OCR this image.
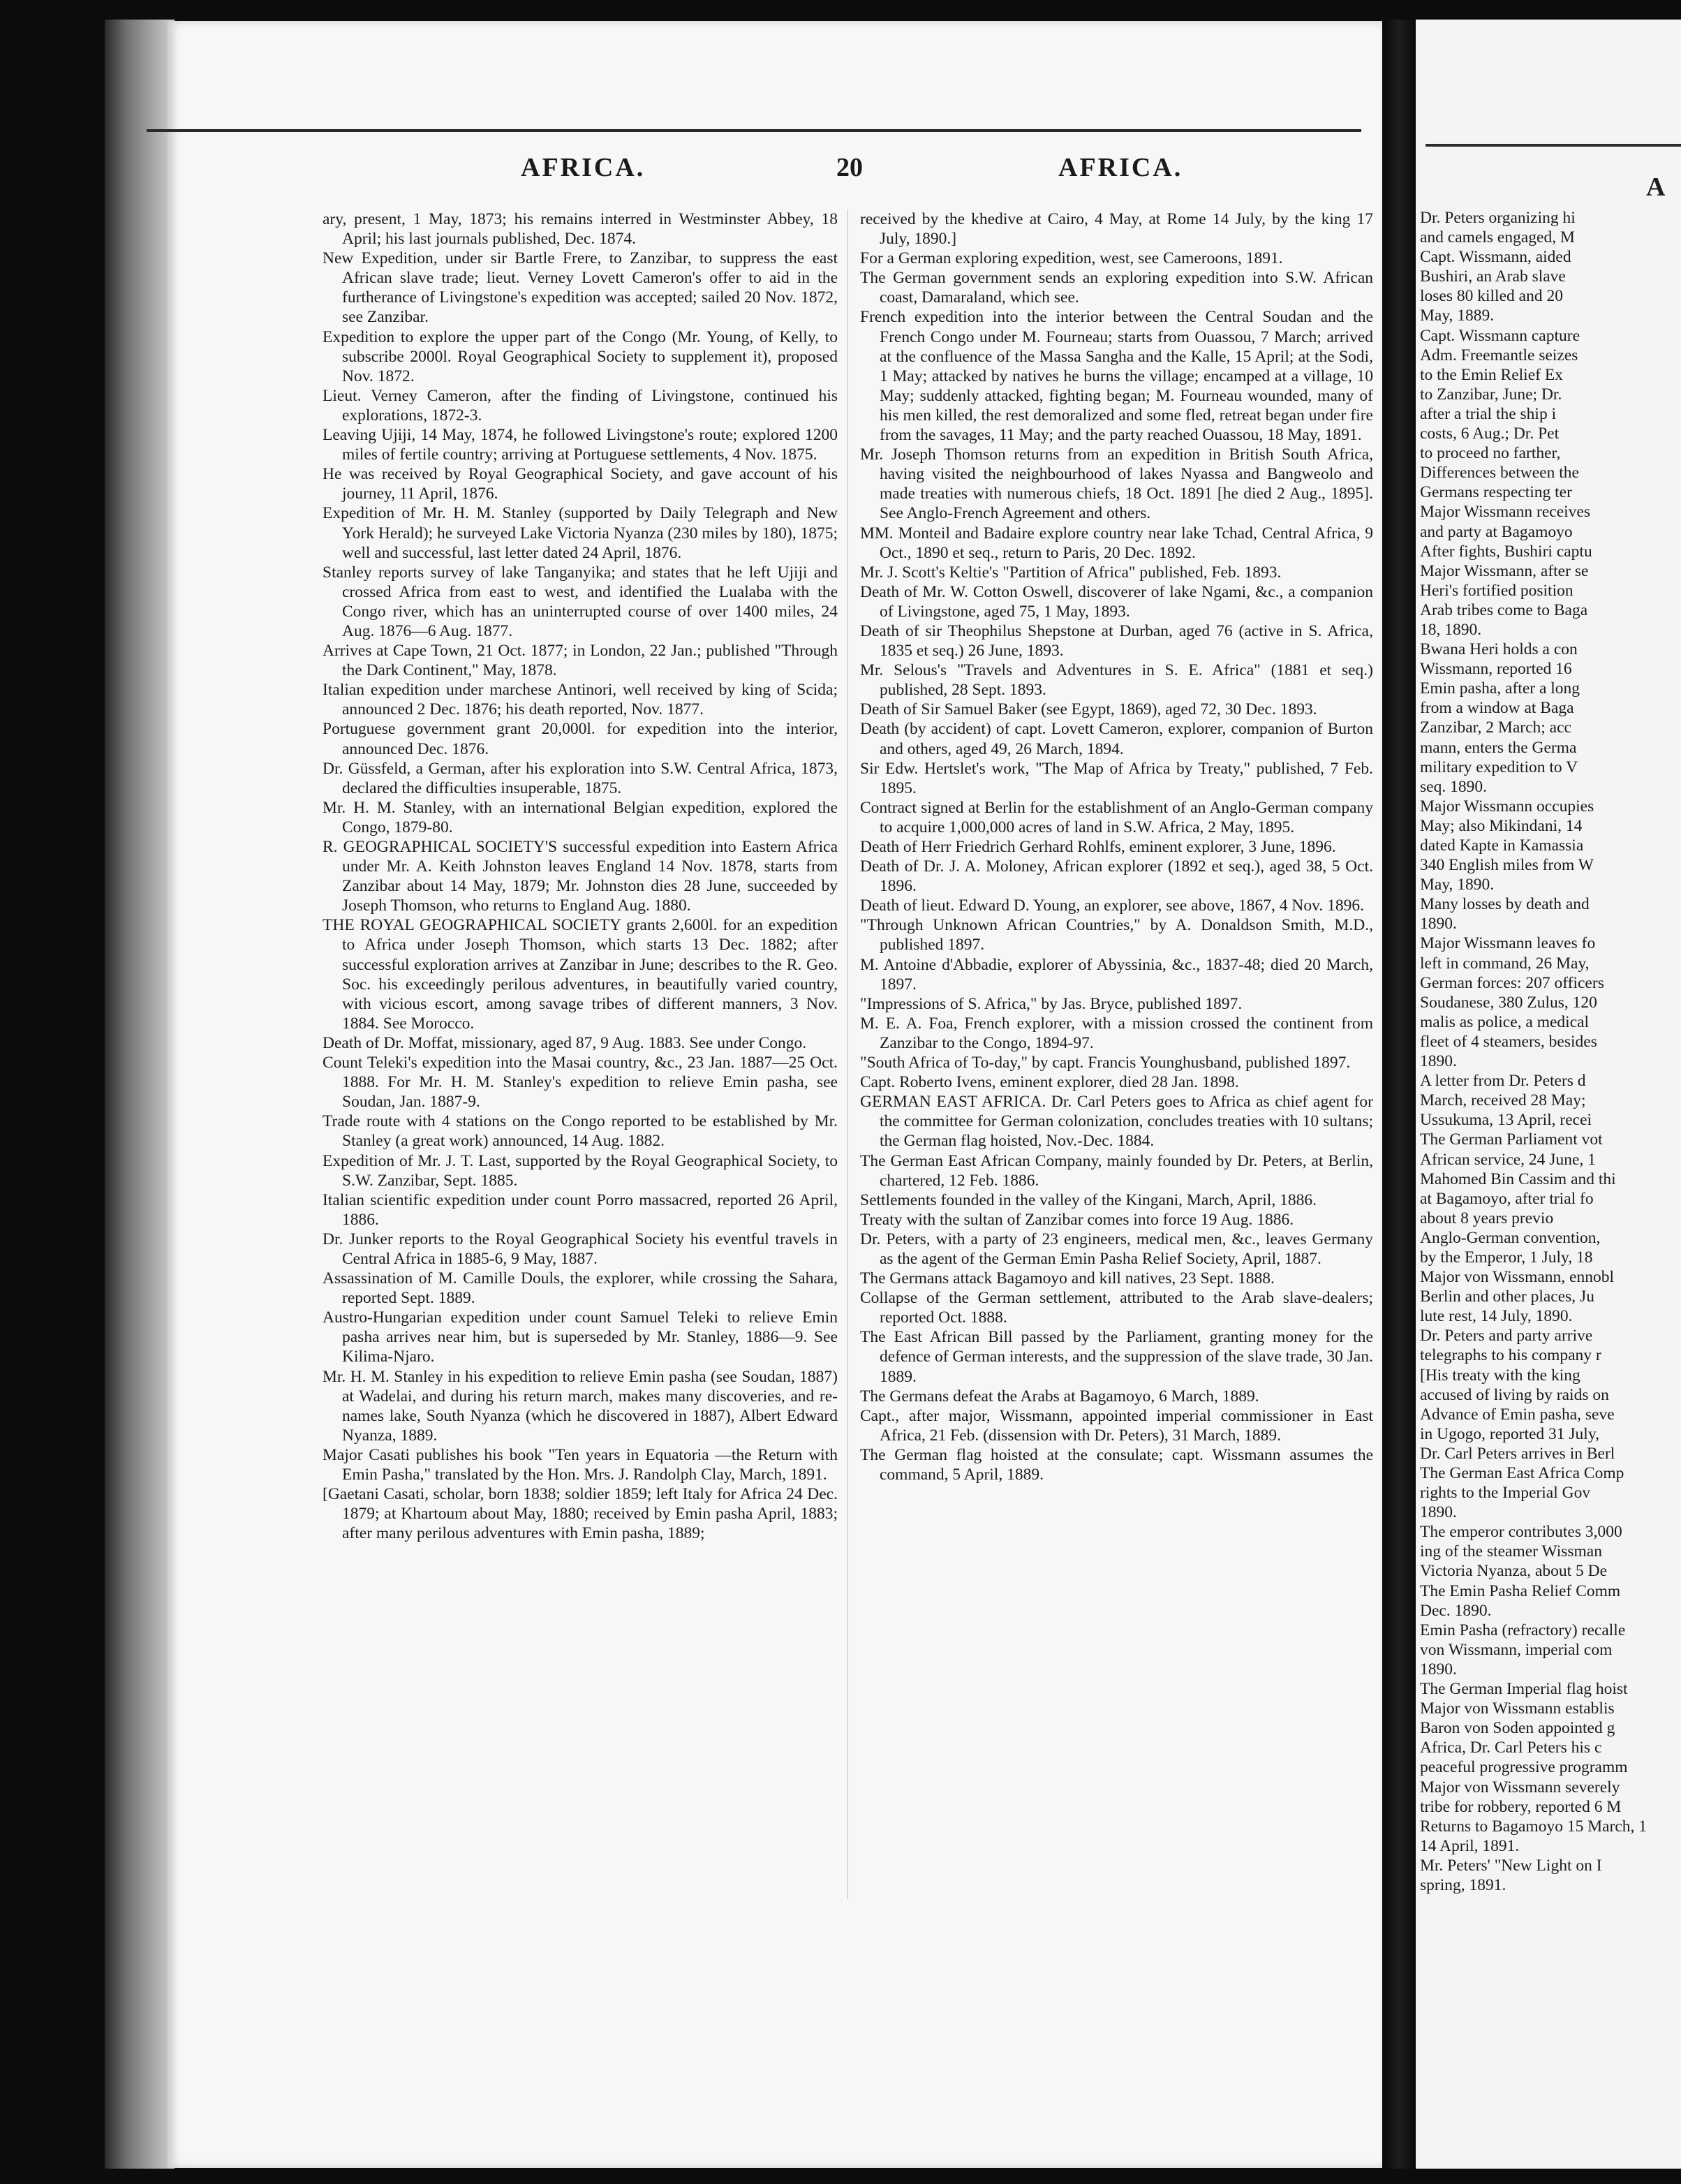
AFRICA.	20	AFRICA.

ary, present, 1 May, 1873; his remains interred in Westminster Abbey, 18 April; his last journals published, Dec. 1874.

New Expedition, under sir Bartle Frere, to Zanzibar, to suppress the east African slave trade; lieut. Verney Lovett Cameron's offer to aid in the furtherance of Livingstone's expedition was accepted; sailed 20 Nov. 1872, see Zanzibar.

Expedition to explore the upper part of the Congo (Mr. Young, of Kelly, to subscribe 2000l. Royal Geographical Society to supplement it), proposed Nov. 1872.

Lieut. Verney Cameron, after the finding of Livingstone, continued his explorations, 1872-3.

Leaving Ujiji, 14 May, 1874, he followed Livingstone's route; explored 1200 miles of fertile country; arriving at Portuguese settlements, 4 Nov. 1875.

He was received by Royal Geographical Society, and gave account of his journey, 11 April, 1876.

Expedition of Mr. H. M. Stanley (supported by Daily Telegraph and New York Herald); he surveyed Lake Victoria Nyanza (230 miles by 180), 1875; well and successful, last letter dated 24 April, 1876.

Stanley reports survey of lake Tanganyika; and states that he left Ujiji and crossed Africa from east to west, and identified the Lualaba with the Congo river, which has an uninterrupted course of over 1400 miles, 24 Aug. 1876—6 Aug. 1877.

Arrives at Cape Town, 21 Oct. 1877; in London, 22 Jan.; published "Through the Dark Continent," May, 1878.

Italian expedition under marchese Antinori, well received by king of Scida; announced 2 Dec. 1876; his death reported, Nov. 1877.

Portuguese government grant 20,000l. for expedition into the interior, announced Dec. 1876.

Dr. Güssfeld, a German, after his exploration into S.W. Central Africa, 1873, declared the difficulties insuperable, 1875.

Mr. H. M. Stanley, with an international Belgian expedition, explored the Congo, 1879-80.

R. GEOGRAPHICAL SOCIETY'S successful expedition into Eastern Africa under Mr. A. Keith Johnston leaves England 14 Nov. 1878, starts from Zanzibar about 14 May, 1879; Mr. Johnston dies 28 June, succeeded by Joseph Thomson, who returns to England Aug. 1880.

THE ROYAL GEOGRAPHICAL SOCIETY grants 2,600l. for an expedition to Africa under Joseph Thomson, which starts 13 Dec. 1882; after successful exploration arrives at Zanzibar in June; describes to the R. Geo. Soc. his exceedingly perilous adventures, in beautifully varied country, with vicious escort, among savage tribes of different manners, 3 Nov. 1884. See Morocco.

Death of Dr. Moffat, missionary, aged 87, 9 Aug. 1883. See under Congo.

Count Teleki's expedition into the Masai country, &c., 23 Jan. 1887—25 Oct. 1888. For Mr. H. M. Stanley's expedition to relieve Emin pasha, see Soudan, Jan. 1887-9.

Trade route with 4 stations on the Congo reported to be established by Mr. Stanley (a great work) announced, 14 Aug. 1882.

Expedition of Mr. J. T. Last, supported by the Royal Geographical Society, to S.W. Zanzibar, Sept. 1885.

Italian scientific expedition under count Porro massacred, reported 26 April, 1886.

Dr. Junker reports to the Royal Geographical Society his eventful travels in Central Africa in 1885-6, 9 May, 1887.

Assassination of M. Camille Douls, the explorer, while crossing the Sahara, reported Sept. 1889.

Austro-Hungarian expedition under count Samuel Teleki to relieve Emin pasha arrives near him, but is superseded by Mr. Stanley, 1886—9. See Kilima-Njaro.

Mr. H. M. Stanley in his expedition to relieve Emin pasha (see Soudan, 1887) at Wadelai, and during his return march, makes many discoveries, and re-names lake, South Nyanza (which he discovered in 1887), Albert Edward Nyanza, 1889.

Major Casati publishes his book "Ten years in Equatoria —the Return with Emin Pasha," translated by the Hon. Mrs. J. Randolph Clay, March, 1891.

[Gaetani Casati, scholar, born 1838; soldier 1859; left Italy for Africa 24 Dec. 1879; at Khartoum about May, 1880; received by Emin pasha April, 1883; after many perilous adventures with Emin pasha, 1889;

received by the khedive at Cairo, 4 May, at Rome 14 July, by the king 17 July, 1890.]

For a German exploring expedition, west, see Cameroons, 1891.

The German government sends an exploring expedition into S.W. African coast, Damaraland, which see.

French expedition into the interior between the Central Soudan and the French Congo under M. Fourneau; starts from Ouassou, 7 March; arrived at the confluence of the Massa Sangha and the Kalle, 15 April; at the Sodi, 1 May; attacked by natives he burns the village; encamped at a village, 10 May; suddenly attacked, fighting began; M. Fourneau wounded, many of his men killed, the rest demoralized and some fled, retreat began under fire from the savages, 11 May; and the party reached Ouassou, 18 May, 1891.

Mr. Joseph Thomson returns from an expedition in British South Africa, having visited the neighbourhood of lakes Nyassa and Bangweolo and made treaties with numerous chiefs, 18 Oct. 1891 [he died 2 Aug., 1895]. See Anglo-French Agreement and others.

MM. Monteil and Badaire explore country near lake Tchad, Central Africa, 9 Oct., 1890 et seq., return to Paris, 20 Dec. 1892.

Mr. J. Scott's Keltie's "Partition of Africa" published, Feb. 1893.

Death of Mr. W. Cotton Oswell, discoverer of lake Ngami, &c., a companion of Livingstone, aged 75, 1 May, 1893.

Death of sir Theophilus Shepstone at Durban, aged 76 (active in S. Africa, 1835 et seq.) 26 June, 1893.

Mr. Selous's "Travels and Adventures in S. E. Africa" (1881 et seq.) published, 28 Sept. 1893.

Death of Sir Samuel Baker (see Egypt, 1869), aged 72, 30 Dec. 1893.

Death (by accident) of capt. Lovett Cameron, explorer, companion of Burton and others, aged 49, 26 March, 1894.

Sir Edw. Hertslet's work, "The Map of Africa by Treaty," published, 7 Feb. 1895.

Contract signed at Berlin for the establishment of an Anglo-German company to acquire 1,000,000 acres of land in S.W. Africa, 2 May, 1895.

Death of Herr Friedrich Gerhard Rohlfs, eminent explorer, 3 June, 1896.

Death of Dr. J. A. Moloney, African explorer (1892 et seq.), aged 38, 5 Oct. 1896.

Death of lieut. Edward D. Young, an explorer, see above, 1867, 4 Nov. 1896.

"Through Unknown African Countries," by A. Donaldson Smith, M.D., published 1897.

M. Antoine d'Abbadie, explorer of Abyssinia, &c., 1837-48; died 20 March, 1897.

"Impressions of S. Africa," by Jas. Bryce, published 1897.

M. E. A. Foa, French explorer, with a mission crossed the continent from Zanzibar to the Congo, 1894-97.

"South Africa of To-day," by capt. Francis Younghusband, published 1897.

Capt. Roberto Ivens, eminent explorer, died 28 Jan. 1898.

GERMAN EAST AFRICA. Dr. Carl Peters goes to Africa as chief agent for the committee for German colonization, concludes treaties with 10 sultans; the German flag hoisted, Nov.-Dec. 1884.

The German East African Company, mainly founded by Dr. Peters, at Berlin, chartered, 12 Feb. 1886.

Settlements founded in the valley of the Kingani, March, April, 1886.

Treaty with the sultan of Zanzibar comes into force 19 Aug. 1886.

Dr. Peters, with a party of 23 engineers, medical men, &c., leaves Germany as the agent of the German Emin Pasha Relief Society, April, 1887.

The Germans attack Bagamoyo and kill natives, 23 Sept. 1888.

Collapse of the German settlement, attributed to the Arab slave-dealers; reported Oct. 1888.

The East African Bill passed by the Parliament, granting money for the defence of German interests, and the suppression of the slave trade, 30 Jan. 1889.

The Germans defeat the Arabs at Bagamoyo, 6 March, 1889.

Capt., after major, Wissmann, appointed imperial commissioner in East Africa, 21 Feb. (dissension with Dr. Peters), 31 March, 1889.

The German flag hoisted at the consulate; capt. Wissmann assumes the command, 5 April, 1889.

A

Dr. Peters organizing hi

and camels engaged, M

Capt. Wissmann, aided

Bushiri, an Arab slave

loses 80 killed and 20

May, 1889.

Capt. Wissmann capture

Adm. Freemantle seizes

to the Emin Relief Ex

to Zanzibar, June; Dr.

after a trial the ship i

costs, 6 Aug.; Dr. Pet

to proceed no farther,

Differences between the

Germans respecting ter

Major Wissmann receives

and party at Bagamoyo

After fights, Bushiri captu

Major Wissmann, after se

Heri's fortified position

Arab tribes come to Baga

18, 1890.

Bwana Heri holds a con

Wissmann, reported 16

Emin pasha, after a long

from a window at Baga

Zanzibar, 2 March; acc

mann, enters the Germa

military expedition to V

seq. 1890.

Major Wissmann occupies

May; also Mikindani, 14

dated Kapte in Kamassia

340 English miles from W

May, 1890.

Many losses by death and

1890.

Major Wissmann leaves fo

left in command, 26 May,

German forces: 207 officers

Soudanese, 380 Zulus, 120

malis as police, a medical

fleet of 4 steamers, besides

1890.

A letter from Dr. Peters d

March, received 28 May;

Ussukuma, 13 April, recei

The German Parliament vot

African service, 24 June, 1

Mahomed Bin Cassim and thi

at Bagamoyo, after trial fo

about 8 years previo

Anglo-German convention,

by the Emperor, 1 July, 18

Major von Wissmann, ennobl

Berlin and other places, Ju

lute rest, 14 July, 1890.

Dr. Peters and party arrive

telegraphs to his company r

[His treaty with the king

accused of living by raids on

Advance of Emin pasha, seve

in Ugogo, reported 31 July,

Dr. Carl Peters arrives in Berl

The German East Africa Comp

rights to the Imperial Gov

1890.

The emperor contributes 3,000

ing of the steamer Wissman

Victoria Nyanza, about 5 De

The Emin Pasha Relief Comm

Dec. 1890.

Emin Pasha (refractory) recalle

von Wissmann, imperial com

1890.

The German Imperial flag hoist

Major von Wissmann establis

Baron von Soden appointed g

Africa, Dr. Carl Peters his c

peaceful progressive programm

Major von Wissmann severely

tribe for robbery, reported 6 M

Returns to Bagamoyo 15 March, 1

14 April, 1891.

Mr. Peters' "New Light on I

spring, 1891.
